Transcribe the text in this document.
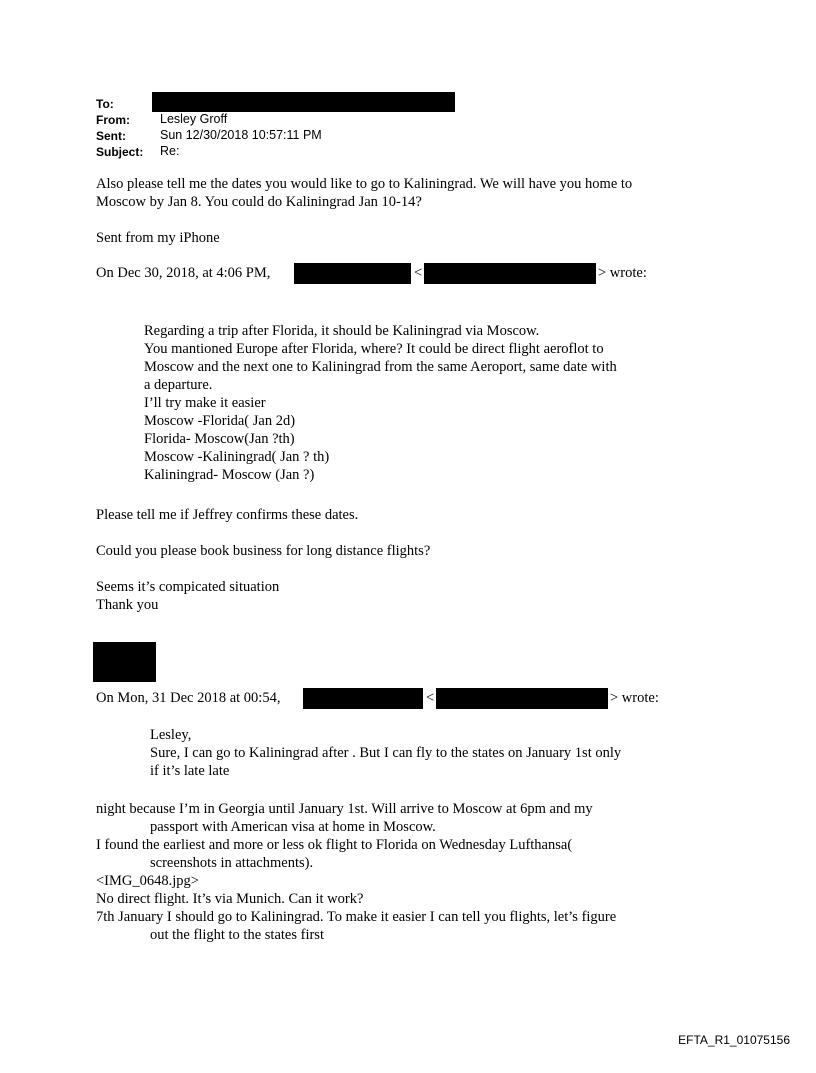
To:
From: Lesley Groff
Sent:	Sun 12/30/2018 10:57:11 PM
Subject: Re:
Also please tell me the dates you would like to go to Kaliningrad. We will have you home to
Moscow by Jan 8. You could do Kaliningrad Jan 10-14?
Sent from my iPhone
On Dec 30, 2018, at 4:06 PM,	<	> wrote:
Regarding a trip after Florida, it should be Kaliningrad via Moscow.
You mantioned Europe after Florida, where? It could be direct flight aeroflot to
Moscow and the next one to Kaliningrad from the same Aeroport, same date with
a departure.
I’ll try make it easier
Moscow -Florida( Jan 2d)
Florida- Moscow(Jan ?th)
Moscow -Kaliningrad( Jan ? th)
Kaliningrad- Moscow (Jan ?)
Please tell me if Jeffrey confirms these dates.
Could you please book business for long distance flights?
Seems it’s compicated situation
Thank you
On Mon, 31 Dec 2018 at 00:54,	<	> wrote:
Lesley,
Sure, I can go to Kaliningrad after . But I can fly to the states on January 1st only
if it’s late late
night because I’m in Georgia until January 1st. Will arrive to Moscow at 6pm and my
passport with American visa at home in Moscow.
I found the earliest and more or less ok flight to Florida on Wednesday Lufthansa(
screenshots in attachments).
<IMG_0648.jpg>
No direct flight. It’s via Munich. Can it work?
7th January I should go to Kaliningrad. To make it easier I can tell you flights, let’s figure
out the flight to the states first
EFTA_R1_01075156
